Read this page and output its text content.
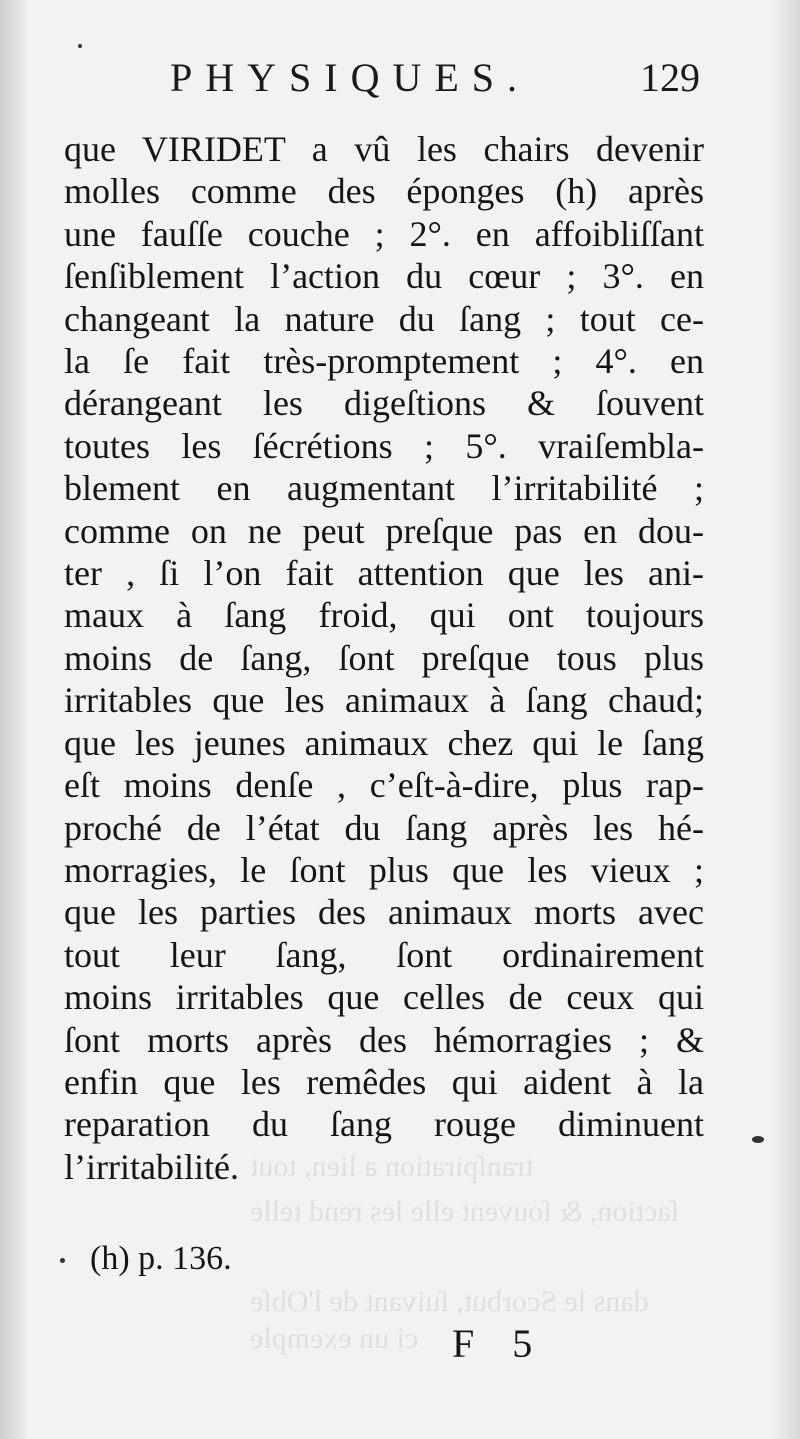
tranſpiration a lien, tout
ſaction, & ſouvent elle les rend telle
dans le Scorbut, ſuivant de l'Obſe
ci un exemple
PHYSIQUES.	129
que VIRIDET a vû les chairs devenir
molles comme des éponges (h) après
une fauſſe couche ; 2°. en affoibliſſant
ſenſiblement l’action du cœur ; 3°. en
changeant la nature du ſang ; tout ce-
la ſe fait très-promptement ; 4°. en
dérangeant les digeſtions & ſouvent
toutes les ſécrétions ; 5°. vraiſembla-
blement en augmentant l’irritabilité ;
comme on ne peut preſque pas en dou-
ter , ſi l’on fait attention que les ani-
maux à ſang froid, qui ont toujours
moins de ſang, ſont preſque tous plus
irritables que les animaux à ſang chaud;
que les jeunes animaux chez qui le ſang
eſt moins denſe , c’eſt-à-dire, plus rap-
proché de l’état du ſang après les hé-
morragies, le ſont plus que les vieux ;
que les parties des animaux morts avec
tout leur ſang, ſont ordinairement
moins irritables que celles de ceux qui
ſont morts après des hémorragies ; &
enfin que les remêdes qui aident à la
reparation du ſang rouge diminuent
l’irritabilité.
(h) p. 136.
F 5
